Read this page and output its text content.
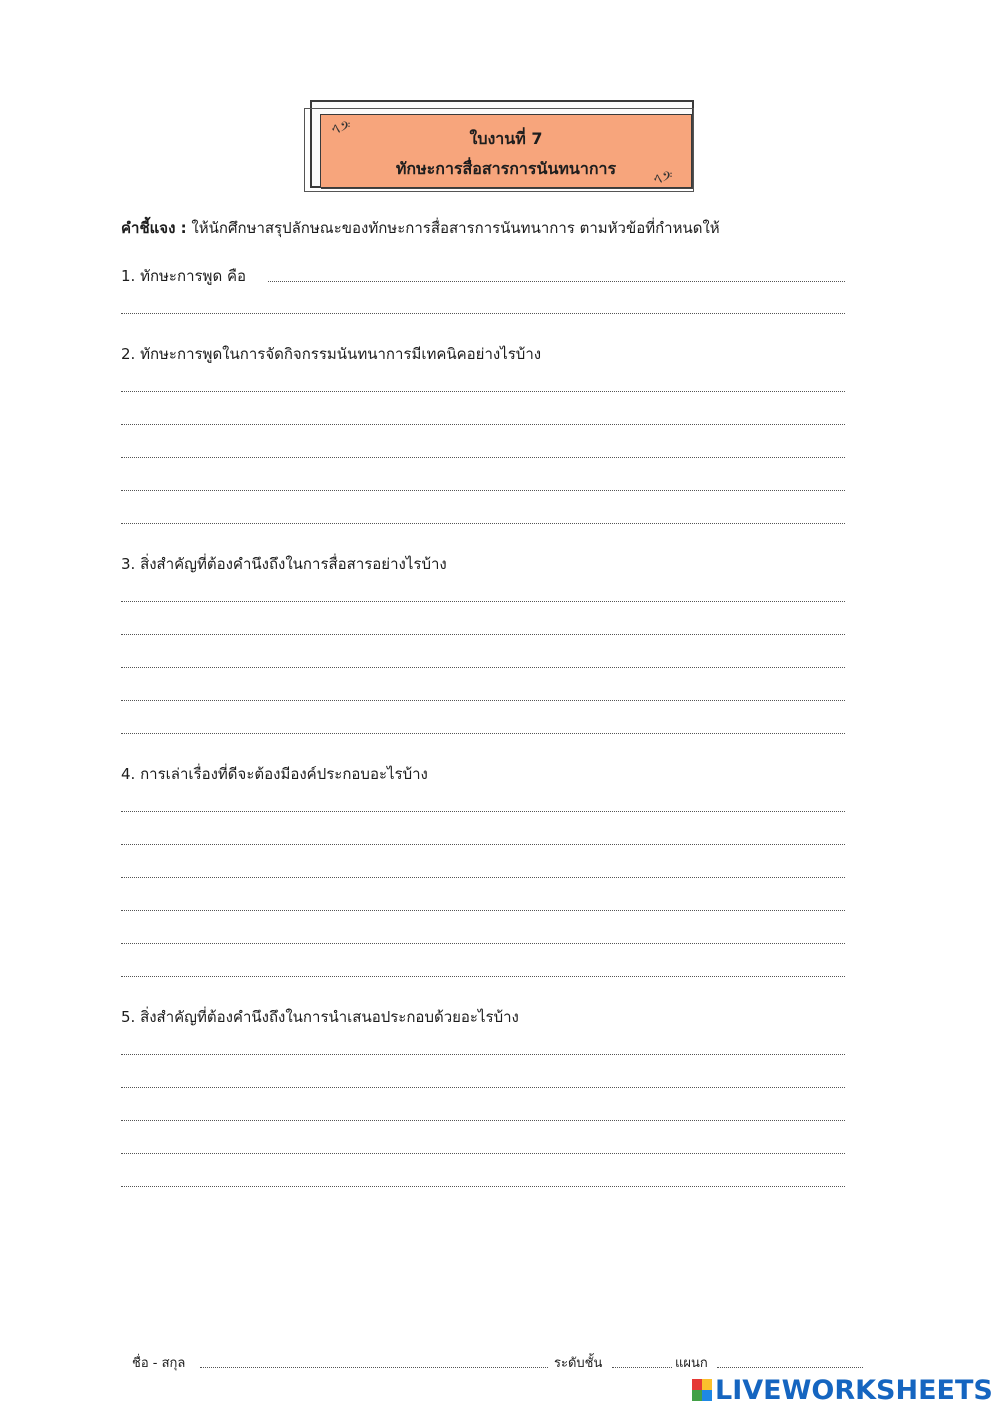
ใบงานที่ 7
ทักษะการสื่อสารการนันทนาการ
ﾍ𝄢
ﾍ𝄢
คำชี้แจง : ให้นักศึกษาสรุปลักษณะของทักษะการสื่อสารการนันทนาการ ตามหัวข้อที่กำหนดให้
1. ทักษะการพูด คือ
2. ทักษะการพูดในการจัดกิจกรรมนันทนาการมีเทคนิคอย่างไรบ้าง
3. สิ่งสำคัญที่ต้องคำนึงถึงในการสื่อสารอย่างไรบ้าง
4. การเล่าเรื่องที่ดีจะต้องมีองค์ประกอบอะไรบ้าง
5. สิ่งสำคัญที่ต้องคำนึงถึงในการนำเสนอประกอบด้วยอะไรบ้าง
ชื่อ - สกุล	ระดับชั้น	แผนก
LIVEWORKSHEETS
